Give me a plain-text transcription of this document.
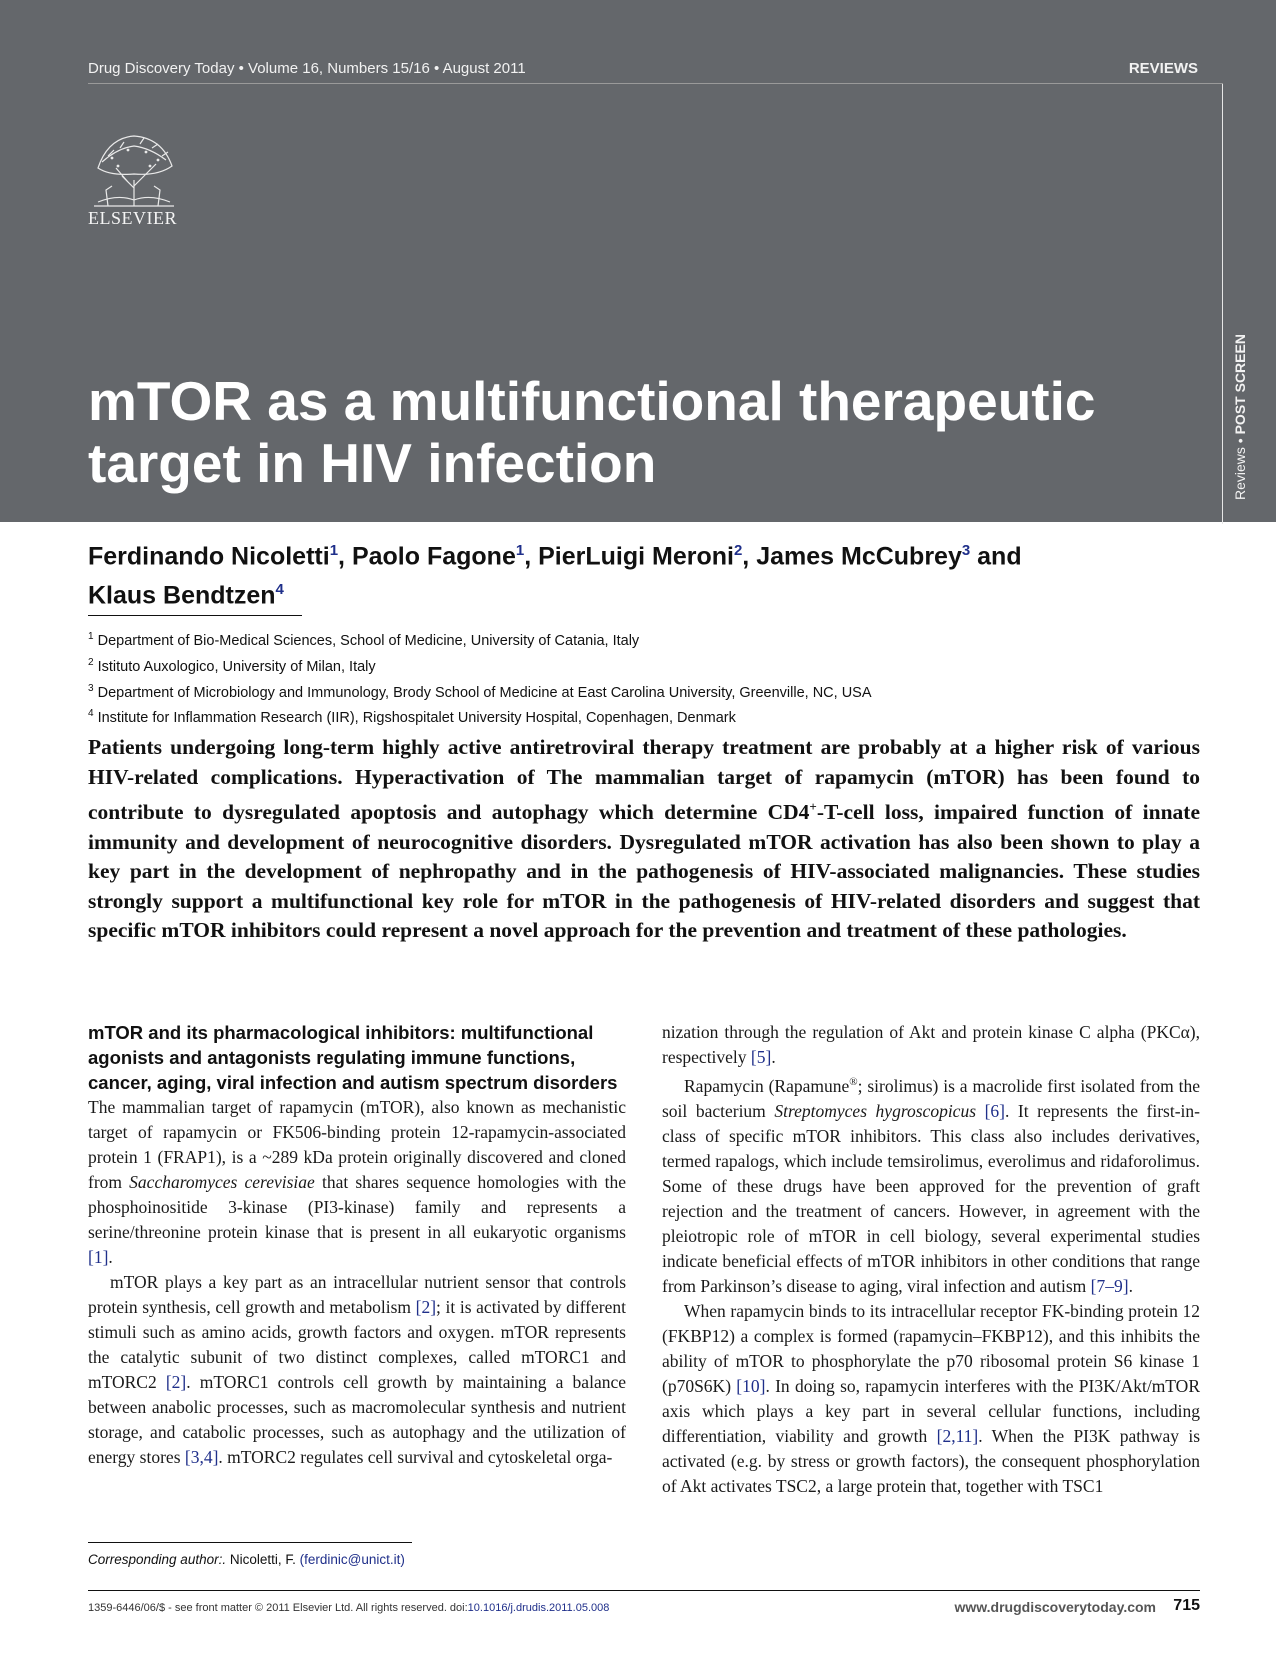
Drug Discovery Today • Volume 16, Numbers 15/16 • August 2011	REVIEWS
ELSEVIER
Reviews • POST SCREEN
mTOR as a multifunctional therapeutic
target in HIV infection
Ferdinando Nicoletti$^1$, Paolo Fagone$^1$, PierLuigi Meroni$^2$, James McCubrey$^3$ and
Klaus Bendtzen$^4$
$^1$ Department of Bio-Medical Sciences, School of Medicine, University of Catania, Italy
$^2$ Istituto Auxologico, University of Milan, Italy
$^3$ Department of Microbiology and Immunology, Brody School of Medicine at East Carolina University, Greenville, NC, USA
$^4$ Institute for Inflammation Research (IIR), Rigshospitalet University Hospital, Copenhagen, Denmark
Patients undergoing long-term highly active antiretroviral therapy treatment are probably at a higher risk of various HIV-related complications. Hyperactivation of The mammalian target of rapamycin (mTOR) has been found to contribute to dysregulated apoptosis and autophagy which determine CD4+-T-cell loss, impaired function of innate immunity and development of neurocognitive disorders. Dysregulated mTOR activation has also been shown to play a key part in the development of nephropathy and in the pathogenesis of HIV-associated malignancies. These studies strongly support a multifunctional key role for mTOR in the pathogenesis of HIV-related disorders and suggest that specific mTOR inhibitors could represent a novel approach for the prevention and treatment of these pathologies.
mTOR and its pharmacological inhibitors: multifunctional agonists and antagonists regulating immune functions, cancer, aging, viral infection and autism spectrum disorders

The mammalian target of rapamycin (mTOR), also known as mechanistic target of rapamycin or FK506-binding protein 12-rapamycin-associated protein 1 (FRAP1), is a ~289 kDa protein originally discovered and cloned from Saccharomyces cerevisiae that shares sequence homologies with the phosphoinositide 3-kinase (PI3-kinase) family and represents a serine/threonine protein kinase that is present in all eukaryotic organisms [1].

mTOR plays a key part as an intracellular nutrient sensor that controls protein synthesis, cell growth and metabolism [2]; it is activated by different stimuli such as amino acids, growth factors and oxygen. mTOR represents the catalytic subunit of two distinct complexes, called mTORC1 and mTORC2 [2]. mTORC1 controls cell growth by maintaining a balance between anabolic processes, such as macromolecular synthesis and nutrient storage, and catabolic processes, such as autophagy and the utilization of energy stores [3,4]. mTORC2 regulates cell survival and cytoskeletal orga-

nization through the regulation of Akt and protein kinase C alpha (PKCα), respectively [5].

Rapamycin (Rapamune®; sirolimus) is a macrolide first isolated from the soil bacterium Streptomyces hygroscopicus [6]. It represents the first-in-class of specific mTOR inhibitors. This class also includes derivatives, termed rapalogs, which include temsirolimus, everolimus and ridaforolimus. Some of these drugs have been approved for the prevention of graft rejection and the treatment of cancers. However, in agreement with the pleiotropic role of mTOR in cell biology, several experimental studies indicate beneficial effects of mTOR inhibitors in other conditions that range from Parkinson’s disease to aging, viral infection and autism [7–9].

When rapamycin binds to its intracellular receptor FK-binding protein 12 (FKBP12) a complex is formed (rapamycin–FKBP12), and this inhibits the ability of mTOR to phosphorylate the p70 ribosomal protein S6 kinase 1 (p70S6K) [10]. In doing so, rapamycin interferes with the PI3K/Akt/mTOR axis which plays a key part in several cellular functions, including differentiation, viability and growth [2,11]. When the PI3K pathway is activated (e.g. by stress or growth factors), the consequent phosphorylation of Akt activates TSC2, a large protein that, together with TSC1

Corresponding author:. Nicoletti, F. (ferdinic@unict.it)
1359-6446/06/$ - see front matter © 2011 Elsevier Ltd. All rights reserved. doi:10.1016/j.drudis.2011.05.008	www.drugdiscoverytoday.com 715
